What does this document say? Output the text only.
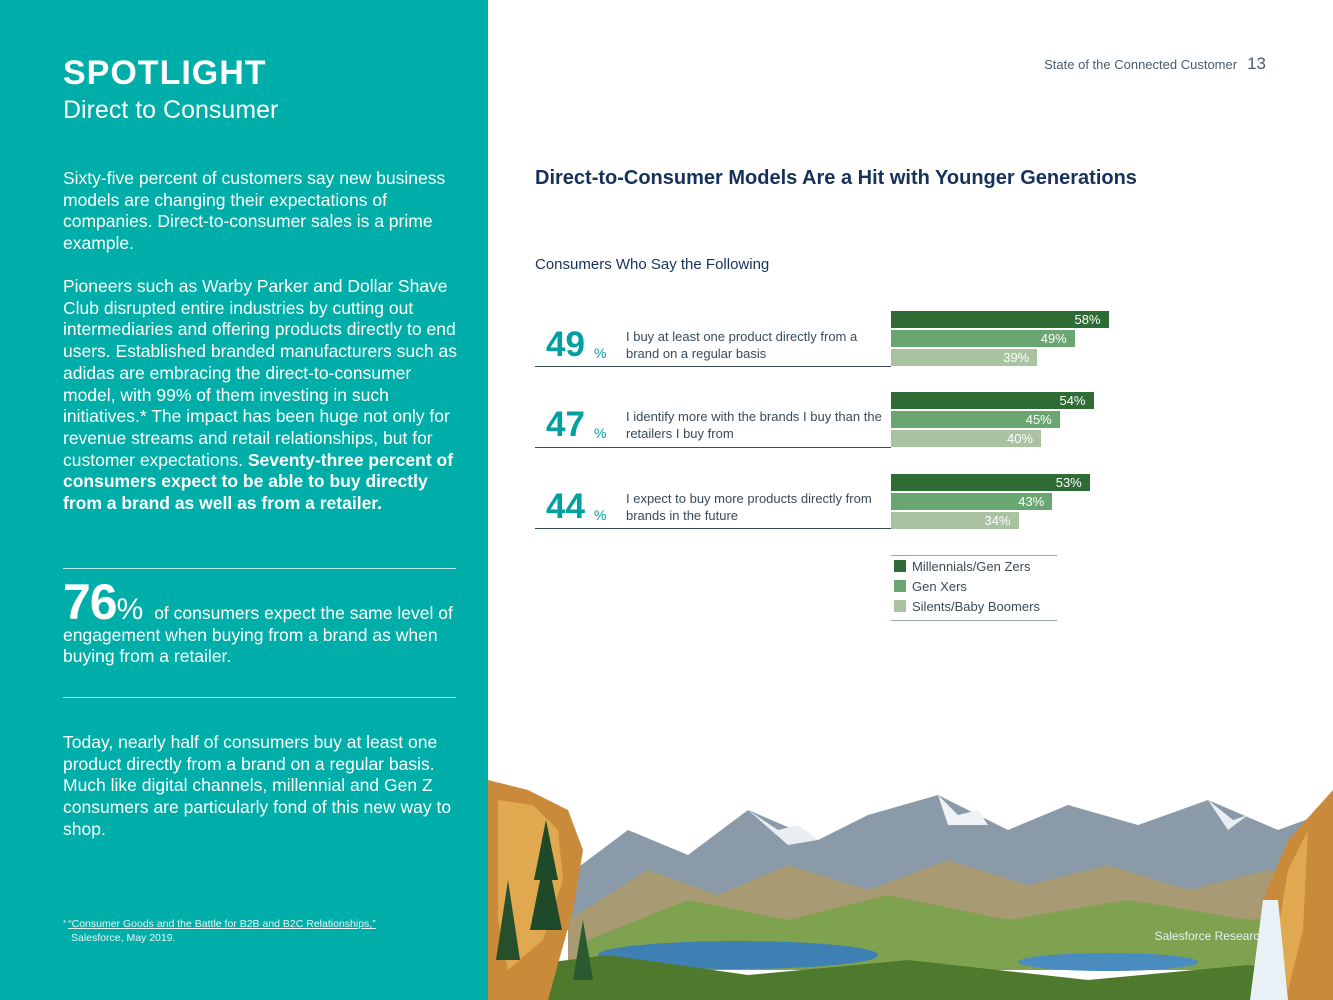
SPOTLIGHT
Direct to Consumer
Sixty-five percent of customers say new business models are changing their expectations of companies. Direct-to-consumer sales is a prime example.
Pioneers such as Warby Parker and Dollar Shave Club disrupted entire industries by cutting out intermediaries and offering products directly to end users. Established branded manufacturers such as adidas are embracing the direct-to-consumer model, with 99% of them investing in such initiatives.* The impact has been huge not only for revenue streams and retail relationships, but for customer expectations. Seventy-three percent of consumers expect to be able to buy directly from a brand as well as from a retailer.
76% of consumers expect the same level of engagement when buying from a brand as when buying from a retailer.
Today, nearly half of consumers buy at least one product directly from a brand on a regular basis. Much like digital channels, millennial and Gen Z consumers are particularly fond of this new way to shop.
* “Consumer Goods and the Battle for B2B and B2C Relationships,”
Salesforce, May 2019.
State of the Connected Customer 13
Direct-to-Consumer Models Are a Hit with Younger Generations
Consumers Who Say the Following
49 %
I buy at least one product directly from a brand on a regular basis
58%
49%
39%
47 %
I identify more with the brands I buy than the retailers I buy from
54%
45%
40%
44 %
I expect to buy more products directly from brands in the future
53%
43%
34%
Millennials/Gen Zers
Gen Xers
Silents/Baby Boomers
Salesforce Research
